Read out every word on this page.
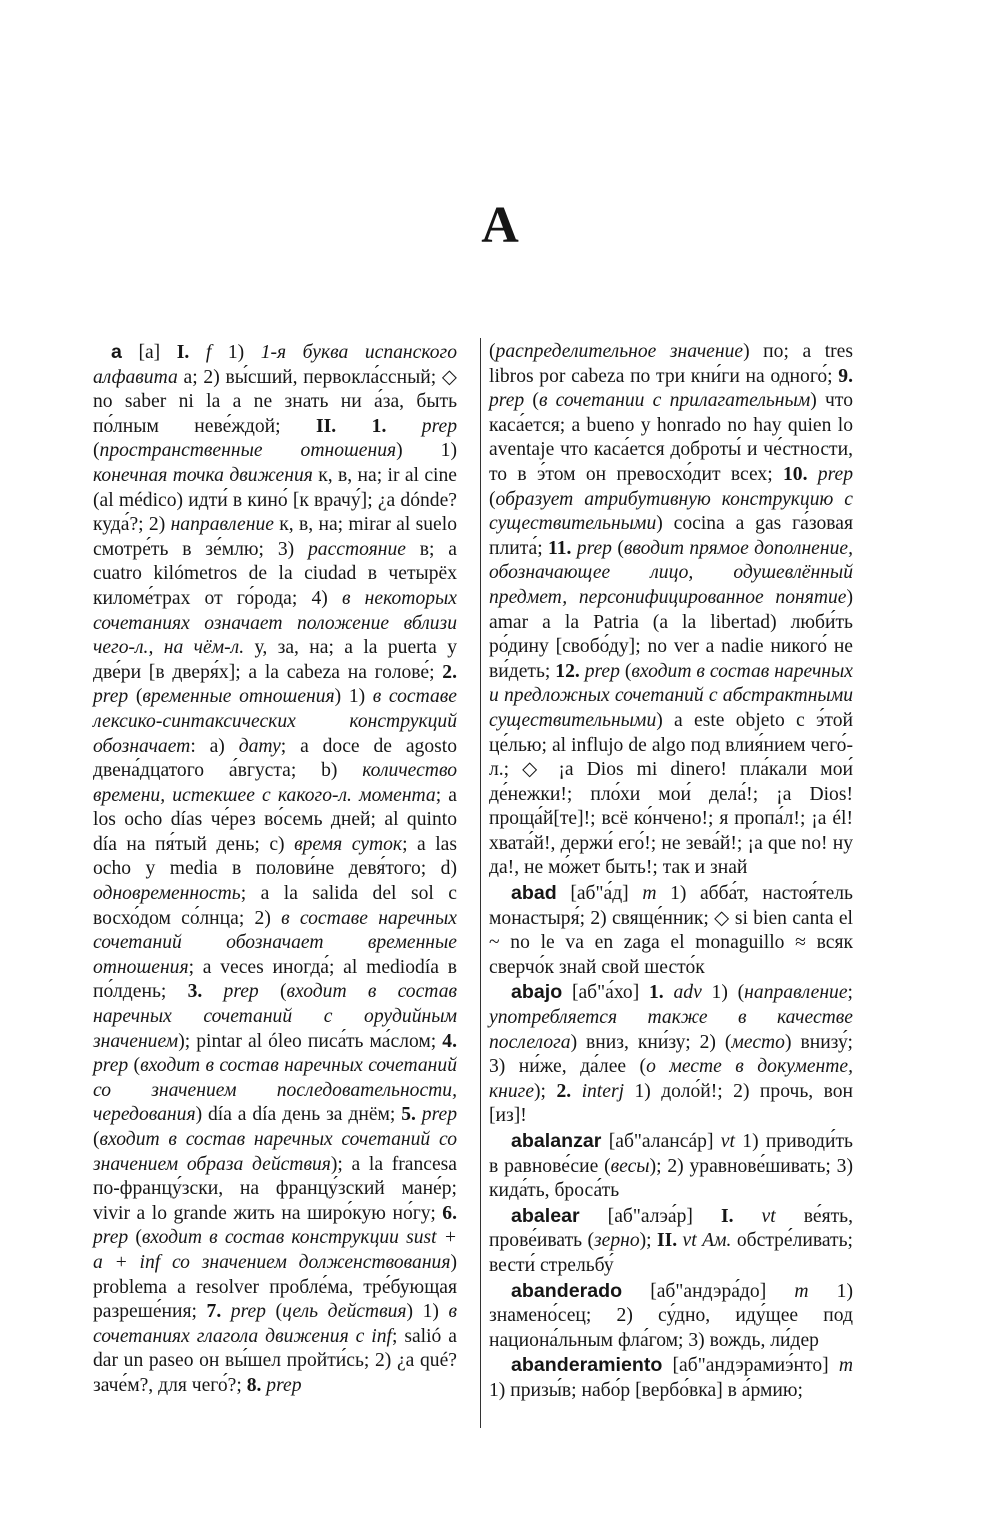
A

a [а] I. f 1) 1-я буква испанского алфавита а; 2) вы́сший, первокла́ссный; ◇ no saber ni la a ne знать ни а́за, быть по́лным неве́ждой; II. 1. prep (пространственные отношения) 1) конечная точка движения к, в, на; ir al cine (al médico) идти́ в кино́ [к врачу́]; ¿a dónde? куда́?; 2) направление к, в, на; mirar al suelo смотре́ть в зе́млю; 3) расстояние в; a cuatro kilómetros de la ciudad в четырёх киломе́трах от го́рода; 4) в некоторых сочетаниях означает положение вблизи чего-л., на чём-л. у, за, на; a la puerta у две́ри [в дверя́х]; a la cabeza на голове́; 2. prep (временные отношения) 1) в составе лексико-синтаксических конструкций обозначает: a) дату; a doce de agosto двена́дцатого а́вгуста; b) количество времени, истекшее с какого-л. момента; a los ocho días че́рез во́семь дней; al quinto día на пя́тый день; c) время суток; a las ocho y media в полови́не девя́того; d) одновременность; a la salida del sol с восхо́дом со́лнца; 2) в составе наречных сочетаний обозначает временные отношения; a veces иногда́; al mediodía в по́лдень; 3. prep (входит в состав наречных сочетаний с орудийным значением); pintar al óleo писа́ть ма́слом; 4. prep (входит в состав наречных сочетаний со значением последовательности, чередования) día a día день за днём; 5. prep (входит в состав наречных сочетаний со значением образа действия); a la francesa по-францу́зски, на францу́зский мане́р; vivir a lo grande жить на широ́кую но́гу; 6. prep (входит в состав конструкции sust + a + inf со значением долженствования) problema a resolver пробле́ма, тре́бующая разреше́ния; 7. prep (цель действия) 1) в сочетаниях глагола движения с inf; salió a dar un paseo он вы́шел пройти́сь; 2) ¿a qué? заче́м?, для чего́?; 8. prep

(распределительное значение) по; a tres libros por cabeza по три кни́ги на одного́; 9. prep (в сочетании с прилагательным) что каса́ется; a bueno y honrado no hay quien lo aventaje что каса́ется доброты́ и че́стности, то в э́том он превосхо́дит всех; 10. prep (образует атрибутивную конструкцию с существительными) cocina a gas га́зовая плита́; 11. prep (вводит прямое дополнение, обозначающее лицо, одушевлённый предмет, персонифицированное понятие) amar a la Patria (a la libertad) люби́ть ро́дину [свобо́ду]; no ver a nadie никого́ не ви́деть; 12. prep (входит в состав наречных и предложных сочетаний с абстрактными существительными) a este objeto с э́той це́лью; al influjo de algo под влия́нием чего́-л.; ◇ ¡a Dios mi dinero! пла́кали мои́ де́нежки!; пло́хи мои́ дела́!; ¡a Dios! проща́й[те]!; всё ко́нчено!; я пропа́л!; ¡a él! хвата́й!, держи́ его́!; не зева́й!; ¡a que no! ну да!, не мо́жет быть!; так и знай

abad [аб"а́д] m 1) абба́т, настоя́тель монастыря́; 2) свяще́нник; ◇ si bien canta el ~ no le va en zaga el monaguillo ≈ всяк сверчо́к знай свой шесто́к

abajo [аб"а́хо] 1. adv 1) (направление; употребляется также в качестве послелога) вниз, кни́зу; 2) (место) внизу́; 3) ни́же, да́лее (о месте в документе, книге); 2. interj 1) доло́й!; 2) прочь, вон [из]!

abalanzar [аб"алансáр] vt 1) приводи́ть в равнове́сие (весы); 2) уравнове́шивать; 3) кида́ть, броса́ть

abalear [аб"алэа́р] I. vt ве́ять, прове́ивать (зерно); II. vt Ам. обстре́ливать; вести́ стрельбу́

abanderado [аб"андэра́до] m 1) знамено́сец; 2) су́дно, иду́щее под национа́льным фла́гом; 3) вождь, ли́дер

abanderamiento [аб"андэрамиэ́нто] m 1) призы́в; набо́р [вербо́вка] в а́рмию;
